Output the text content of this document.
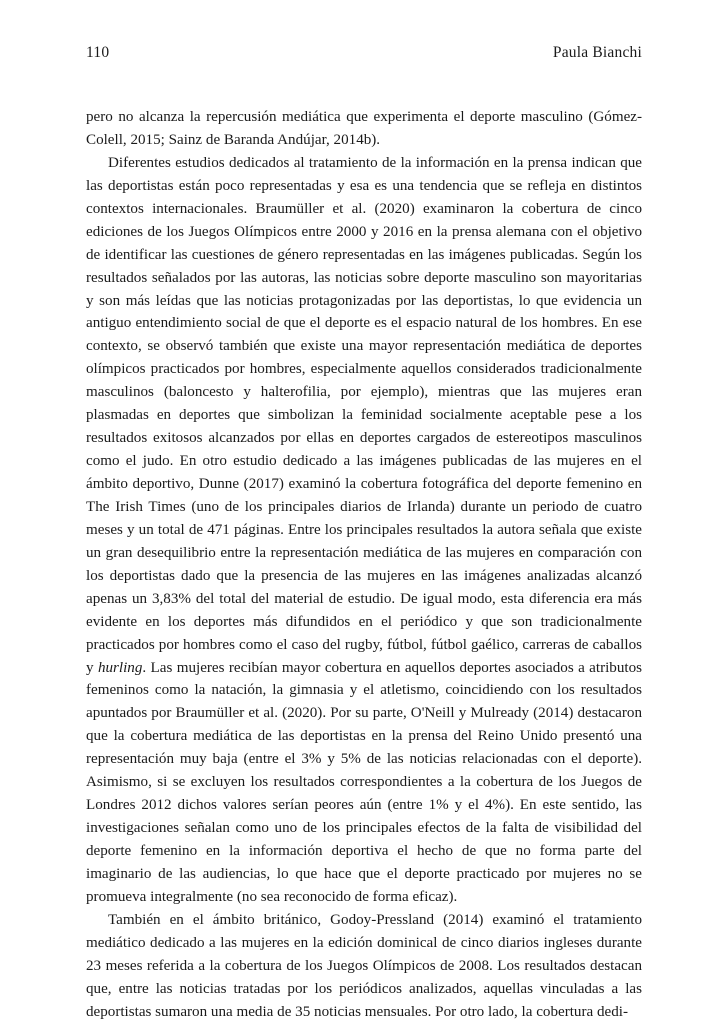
110	Paula Bianchi

pero no alcanza la repercusión mediática que experimenta el deporte masculino (Gómez-Colell, 2015; Sainz de Baranda Andújar, 2014b).

Diferentes estudios dedicados al tratamiento de la información en la prensa indican que las deportistas están poco representadas y esa es una tendencia que se refleja en distintos contextos internacionales. Braumüller et al. (2020) examinaron la cobertura de cinco ediciones de los Juegos Olímpicos entre 2000 y 2016 en la prensa alemana con el objetivo de identificar las cuestiones de género representadas en las imágenes publicadas. Según los resultados señalados por las autoras, las noticias sobre deporte masculino son mayoritarias y son más leídas que las noticias protagonizadas por las deportistas, lo que evidencia un antiguo entendimiento social de que el deporte es el espacio natural de los hombres. En ese contexto, se observó también que existe una mayor representación mediática de deportes olímpicos practicados por hombres, especialmente aquellos considerados tradicionalmente masculinos (baloncesto y halterofilia, por ejemplo), mientras que las mujeres eran plasmadas en deportes que simbolizan la feminidad socialmente aceptable pese a los resultados exitosos alcanzados por ellas en deportes cargados de estereotipos masculinos como el judo. En otro estudio dedicado a las imágenes publicadas de las mujeres en el ámbito deportivo, Dunne (2017) examinó la cobertura fotográfica del deporte femenino en The Irish Times (uno de los principales diarios de Irlanda) durante un periodo de cuatro meses y un total de 471 páginas. Entre los principales resultados la autora señala que existe un gran desequilibrio entre la representación mediática de las mujeres en comparación con los deportistas dado que la presencia de las mujeres en las imágenes analizadas alcanzó apenas un 3,83% del total del material de estudio. De igual modo, esta diferencia era más evidente en los deportes más difundidos en el periódico y que son tradicionalmente practicados por hombres como el caso del rugby, fútbol, fútbol gaélico, carreras de caballos y hurling. Las mujeres recibían mayor cobertura en aquellos deportes asociados a atributos femeninos como la natación, la gimnasia y el atletismo, coincidiendo con los resultados apuntados por Braumüller et al. (2020). Por su parte, O'Neill y Mulready (2014) destacaron que la cobertura mediática de las deportistas en la prensa del Reino Unido presentó una representación muy baja (entre el 3% y 5% de las noticias relacionadas con el deporte). Asimismo, si se excluyen los resultados correspondientes a la cobertura de los Juegos de Londres 2012 dichos valores serían peores aún (entre 1% y el 4%). En este sentido, las investigaciones señalan como uno de los principales efectos de la falta de visibilidad del deporte femenino en la información deportiva el hecho de que no forma parte del imaginario de las audiencias, lo que hace que el deporte practicado por mujeres no se promueva integralmente (no sea reconocido de forma eficaz).

También en el ámbito británico, Godoy-Pressland (2014) examinó el tratamiento mediático dedicado a las mujeres en la edición dominical de cinco diarios ingleses durante 23 meses referida a la cobertura de los Juegos Olímpicos de 2008. Los resultados destacan que, entre las noticias tratadas por los periódicos analizados, aquellas vinculadas a las deportistas sumaron una media de 35 noticias mensuales. Por otro lado, la cobertura dedi-
